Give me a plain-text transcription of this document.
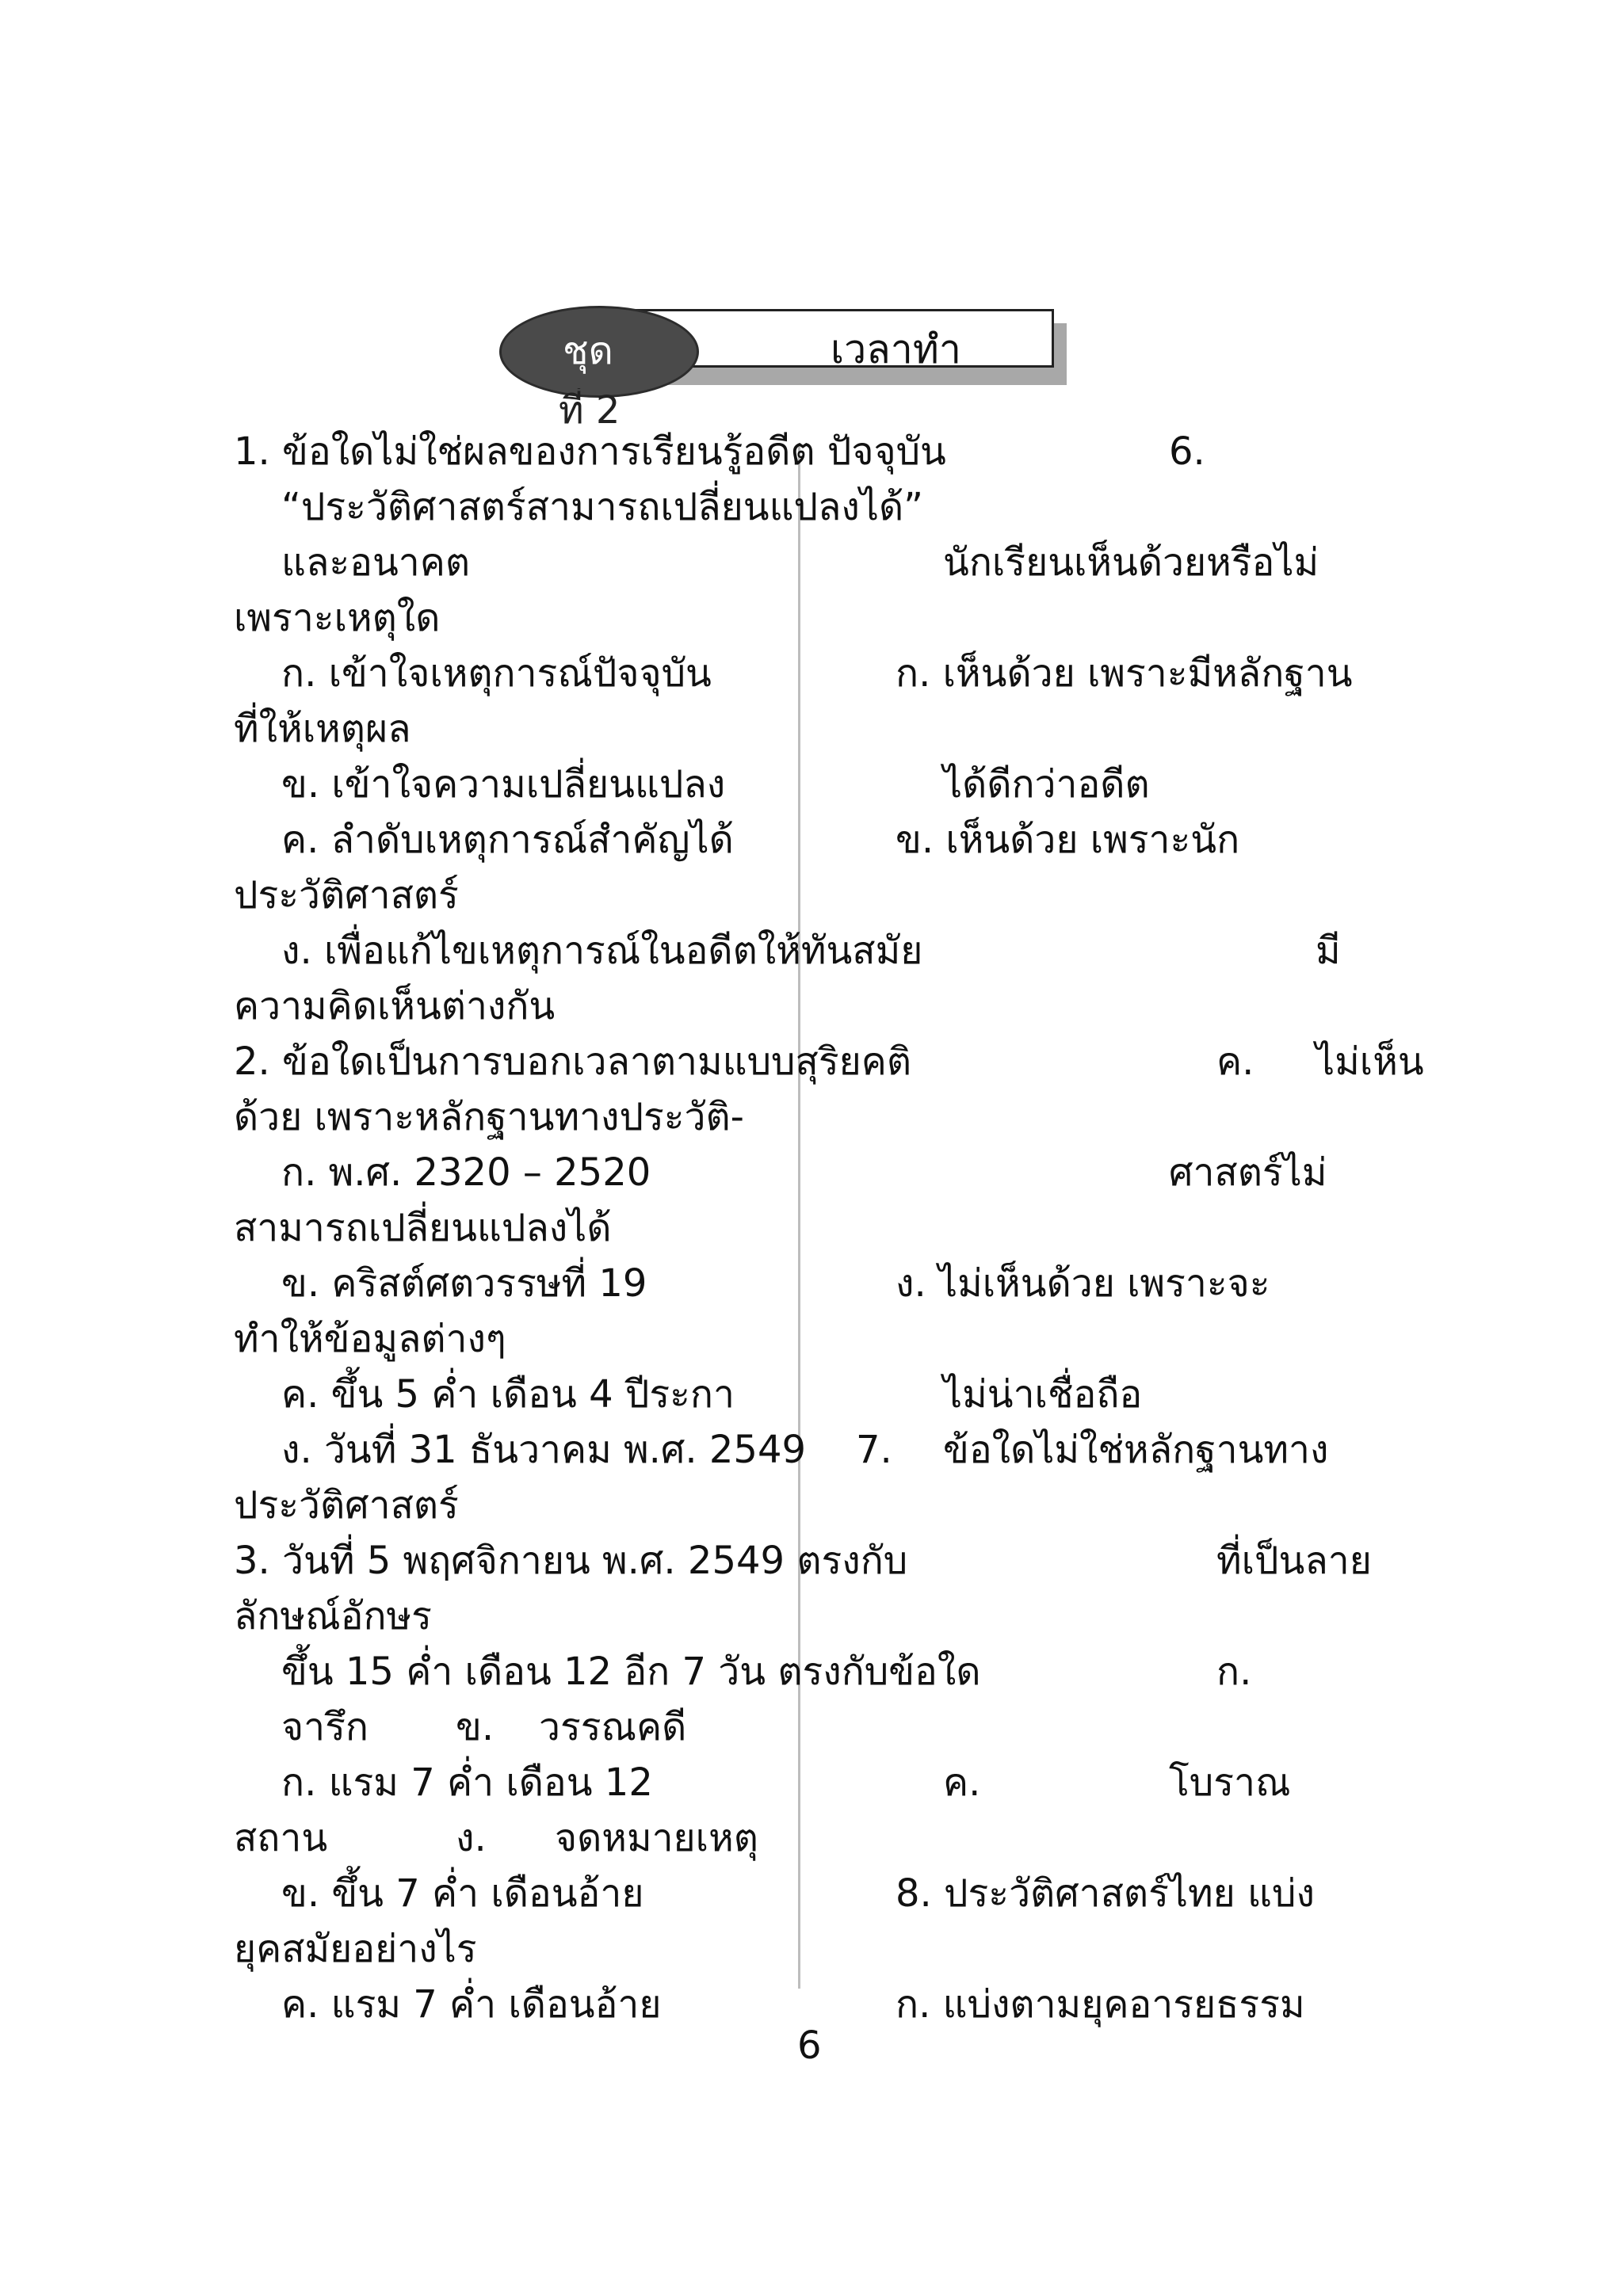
เวลาทำ
ชุด
ที่ 2
1. ข้อใดไม่ใช่ผลของการเรียนรู้อดีต ปัจจุบัน	6.
“ประวัติศาสตร์สามารถเปลี่ยนแปลงได้”
และอนาคต	นักเรียนเห็นด้วยหรือไม่
เพราะเหตุใด
ก. เข้าใจเหตุการณ์ปัจจุบัน	ก. เห็นด้วย เพราะมีหลักฐาน
ที่ให้เหตุผล
ข. เข้าใจความเปลี่ยนแปลง	ได้ดีกว่าอดีต
ค. ลำดับเหตุการณ์สำคัญได้	ข. เห็นด้วย เพราะนัก
ประวัติศาสตร์
ง. เพื่อแก้ไขเหตุการณ์ในอดีตให้ทันสมัย	มี
ความคิดเห็นต่างกัน
2. ข้อใดเป็นการบอกเวลาตามแบบสุริยคติ	ค. ไม่เห็น
ด้วย เพราะหลักฐานทางประวัติ-
ก. พ.ศ. 2320 – 2520	ศาสตร์ไม่
สามารถเปลี่ยนแปลงได้
ข. คริสต์ศตวรรษที่ 19	ง. ไม่เห็นด้วย เพราะจะ
ทำให้ข้อมูลต่างๆ
ค. ขึ้น 5 ค่ำ เดือน 4 ปีระกา	ไม่น่าเชื่อถือ
ง. วันที่ 31 ธันวาคม พ.ศ. 2549 7. ข้อใดไม่ใช่หลักฐานทาง
ประวัติศาสตร์
3. วันที่ 5 พฤศจิกายน พ.ศ. 2549 ตรงกับ	ที่เป็นลาย
ลักษณ์อักษร
ขึ้น 15 ค่ำ เดือน 12 อีก 7 วัน ตรงกับข้อใด	ก.
จารึก ข. วรรณคดี
ก. แรม 7 ค่ำ เดือน 12	ค.	โบราณ
สถาน	ง. จดหมายเหตุ
ข. ขึ้น 7 ค่ำ เดือนอ้าย	8. ประวัติศาสตร์ไทย แบ่ง
ยุคสมัยอย่างไร
ค. แรม 7 ค่ำ เดือนอ้าย	ก. แบ่งตามยุคอารยธรรม
6
